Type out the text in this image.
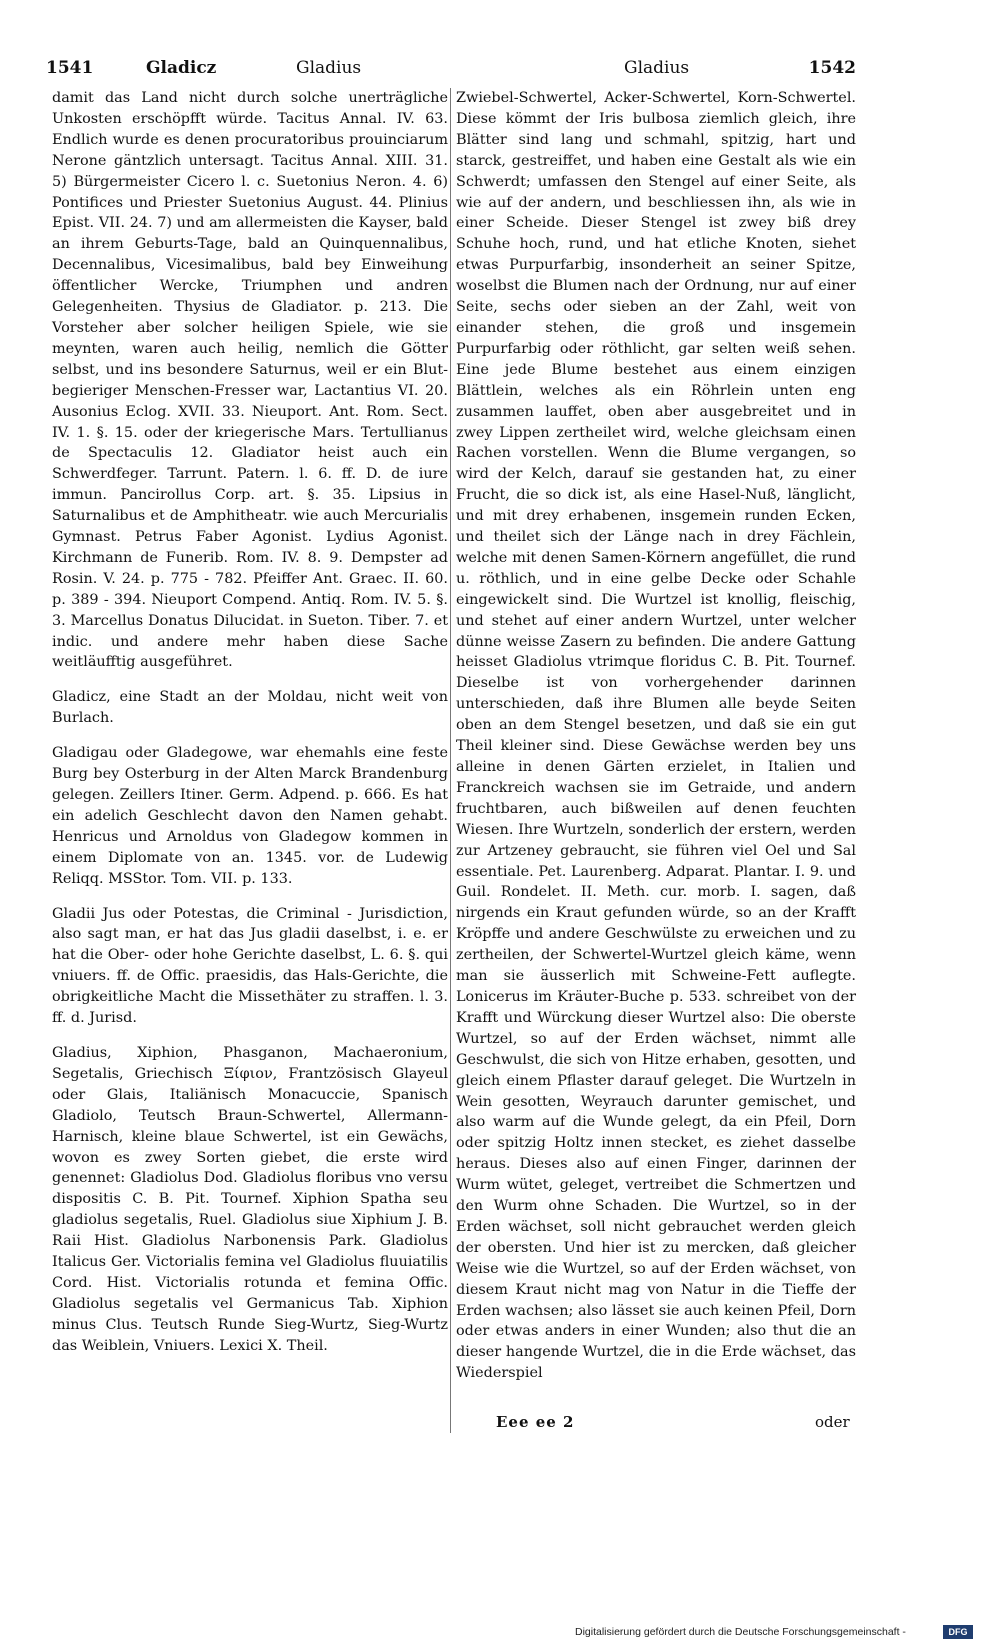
1541	Gladicz	Gladius	Gladius	1542

damit das Land nicht durch solche unerträgliche Unkosten erschöpfft würde. Tacitus Annal. IV. 63. Endlich wurde es denen procuratoribus prouinciarum Nerone gäntzlich untersagt. Tacitus Annal. XIII. 31. 5) Bürgermeister Cicero l. c. Suetonius Neron. 4. 6) Pontifices und Priester Suetonius August. 44. Plinius Epist. VII. 24. 7) und am allermeisten die Kayser, bald an ihrem Geburts-Tage, bald an Quinquennalibus, Decennalibus, Vicesimalibus, bald bey Einweihung öffentlicher Wercke, Triumphen und andren Gelegenheiten. Thysius de Gladiator. p. 213. Die Vorsteher aber solcher heiligen Spiele, wie sie meynten, waren auch heilig, nemlich die Götter selbst, und ins besondere Saturnus, weil er ein Blut-begieriger Menschen-Fresser war, Lactantius VI. 20. Ausonius Eclog. XVII. 33. Nieuport. Ant. Rom. Sect. IV. 1. §. 15. oder der kriegerische Mars. Tertullianus de Spectaculis 12. Gladiator heist auch ein Schwerdfeger. Tarrunt. Patern. l. 6. ff. D. de iure immun. Pancirollus Corp. art. §. 35. Lipsius in Saturnalibus et de Amphitheatr. wie auch Mercurialis Gymnast. Petrus Faber Agonist. Lydius Agonist. Kirchmann de Funerib. Rom. IV. 8. 9. Dempster ad Rosin. V. 24. p. 775 - 782. Pfeiffer Ant. Graec. II. 60. p. 389 - 394. Nieuport Compend. Antiq. Rom. IV. 5. §. 3. Marcellus Donatus Dilucidat. in Sueton. Tiber. 7. et indic. und andere mehr haben diese Sache weitläufftig ausgeführet.

Gladicz, eine Stadt an der Moldau, nicht weit von Burlach.

Gladigau oder Gladegowe, war ehemahls eine feste Burg bey Osterburg in der Alten Marck Brandenburg gelegen. Zeillers Itiner. Germ. Adpend. p. 666. Es hat ein adelich Geschlecht davon den Namen gehabt. Henricus und Arnoldus von Gladegow kommen in einem Diplomate von an. 1345. vor. de Ludewig Reliqq. MSStor. Tom. VII. p. 133.

Gladii Jus oder Potestas, die Criminal - Jurisdiction, also sagt man, er hat das Jus gladii daselbst, i. e. er hat die Ober- oder hohe Gerichte daselbst, L. 6. §. qui vniuers. ff. de Offic. praesidis, das Hals-Gerichte, die obrigkeitliche Macht die Missethäter zu straffen. l. 3. ff. d. Jurisd.

Gladius, Xiphion, Phasganon, Machaeronium, Segetalis, Griechisch Ξίφιον, Frantzösisch Glayeul oder Glais, Italiänisch Monacuccie, Spanisch Gladiolo, Teutsch Braun-Schwertel, Allermann-Harnisch, kleine blaue Schwertel, ist ein Gewächs, wovon es zwey Sorten giebet, die erste wird genennet: Gladiolus Dod. Gladiolus floribus vno versu dispositis C. B. Pit. Tournef. Xiphion Spatha seu gladiolus segetalis, Ruel. Gladiolus siue Xiphium J. B. Raii Hist. Gladiolus Narbonensis Park. Gladiolus Italicus Ger. Victorialis femina vel Gladiolus fluuiatilis Cord. Hist. Victorialis rotunda et femina Offic. Gladiolus segetalis vel Germanicus Tab. Xiphion minus Clus. Teutsch Runde Sieg-Wurtz, Sieg-Wurtz das Weiblein, Vniuers. Lexici X. Theil.

Zwiebel-Schwertel, Acker-Schwertel, Korn-Schwertel. Diese kömmt der Iris bulbosa ziemlich gleich, ihre Blätter sind lang und schmahl, spitzig, hart und starck, gestreiffet, und haben eine Gestalt als wie ein Schwerdt; umfassen den Stengel auf einer Seite, als wie auf der andern, und beschliessen ihn, als wie in einer Scheide. Dieser Stengel ist zwey biß drey Schuhe hoch, rund, und hat etliche Knoten, siehet etwas Purpurfarbig, insonderheit an seiner Spitze, woselbst die Blumen nach der Ordnung, nur auf einer Seite, sechs oder sieben an der Zahl, weit von einander stehen, die groß und insgemein Purpurfarbig oder röthlicht, gar selten weiß sehen. Eine jede Blume bestehet aus einem einzigen Blättlein, welches als ein Röhrlein unten eng zusammen lauffet, oben aber ausgebreitet und in zwey Lippen zertheilet wird, welche gleichsam einen Rachen vorstellen. Wenn die Blume vergangen, so wird der Kelch, darauf sie gestanden hat, zu einer Frucht, die so dick ist, als eine Hasel-Nuß, länglicht, und mit drey erhabenen, insgemein runden Ecken, und theilet sich der Länge nach in drey Fächlein, welche mit denen Samen-Körnern angefüllet, die rund u. röthlich, und in eine gelbe Decke oder Schahle eingewickelt sind. Die Wurtzel ist knollig, fleischig, und stehet auf einer andern Wurtzel, unter welcher dünne weisse Zasern zu befinden. Die andere Gattung heisset Gladiolus vtrimque floridus C. B. Pit. Tournef. Dieselbe ist von vorhergehender darinnen unterschieden, daß ihre Blumen alle beyde Seiten oben an dem Stengel besetzen, und daß sie ein gut Theil kleiner sind. Diese Gewächse werden bey uns alleine in denen Gärten erzielet, in Italien und Franckreich wachsen sie im Getraide, und andern fruchtbaren, auch bißweilen auf denen feuchten Wiesen. Ihre Wurtzeln, sonderlich der erstern, werden zur Artzeney gebraucht, sie führen viel Oel und Sal essentiale. Pet. Laurenberg. Adparat. Plantar. I. 9. und Guil. Rondelet. II. Meth. cur. morb. I. sagen, daß nirgends ein Kraut gefunden würde, so an der Krafft Kröpffe und andere Geschwülste zu erweichen und zu zertheilen, der Schwertel-Wurtzel gleich käme, wenn man sie äusserlich mit Schweine-Fett auflegte. Lonicerus im Kräuter-Buche p. 533. schreibet von der Krafft und Würckung dieser Wurtzel also: Die oberste Wurtzel, so auf der Erden wächset, nimmt alle Geschwulst, die sich von Hitze erhaben, gesotten, und gleich einem Pflaster darauf geleget. Die Wurtzeln in Wein gesotten, Weyrauch darunter gemischet, und also warm auf die Wunde gelegt, da ein Pfeil, Dorn oder spitzig Holtz innen stecket, es ziehet dasselbe heraus. Dieses also auf einen Finger, darinnen der Wurm wütet, geleget, vertreibet die Schmertzen und den Wurm ohne Schaden. Die Wurtzel, so in der Erden wächset, soll nicht gebrauchet werden gleich der obersten. Und hier ist zu mercken, daß gleicher Weise wie die Wurtzel, so auf der Erden wächset, von diesem Kraut nicht mag von Natur in die Tieffe der Erden wachsen; also lässet sie auch keinen Pfeil, Dorn oder etwas anders in einer Wunden; also thut die an dieser hangende Wurtzel, die in die Erde wächset, das Wiederspiel

Eee ee 2	oder
Digitalisierung gefördert durch die Deutsche Forschungsgemeinschaft -	DFG
